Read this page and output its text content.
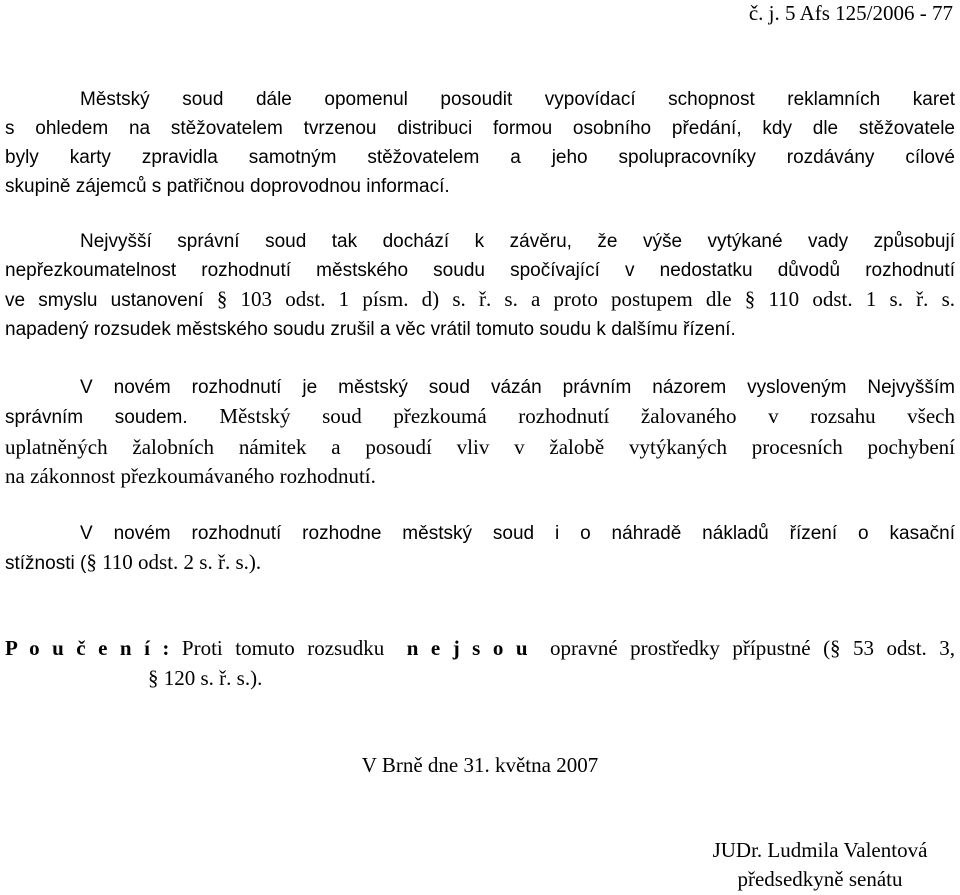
č. j. 5 Afs 125/2006 - 77
Městský soud dále opomenul posoudit vypovídací schopnost reklamních karet
s ohledem na stěžovatelem tvrzenou distribuci formou osobního předání, kdy dle stěžovatele
byly karty zpravidla samotným stěžovatelem a jeho spolupracovníky rozdávány cílové
skupině zájemců s patřičnou doprovodnou informací.
Nejvyšší správní soud tak dochází k závěru, že výše vytýkané vady způsobují
nepřezkoumatelnost rozhodnutí městského soudu spočívající v nedostatku důvodů rozhodnutí
ve smyslu ustanovení § 103 odst. 1 písm. d) s. ř. s. a proto postupem dle § 110 odst. 1 s. ř. s.
napadený rozsudek městského soudu zrušil a věc vrátil tomuto soudu k dalšímu řízení.
V novém rozhodnutí je městský soud vázán právním názorem vysloveným Nejvyšším
správním soudem. Městský soud přezkoumá rozhodnutí žalovaného v rozsahu všech
uplatněných žalobních námitek a posoudí vliv v žalobě vytýkaných procesních pochybení
na zákonnost přezkoumávaného rozhodnutí.
V novém rozhodnutí rozhodne městský soud i o náhradě nákladů řízení o kasační
stížnosti (§ 110 odst. 2 s. ř. s.).
P o u č e n í : Proti tomuto rozsudku n e j s o u opravné prostředky přípustné (§ 53 odst. 3,
§ 120 s. ř. s.).
V Brně dne 31. května 2007
JUDr. Ludmila Valentová
předsedkyně senátu
